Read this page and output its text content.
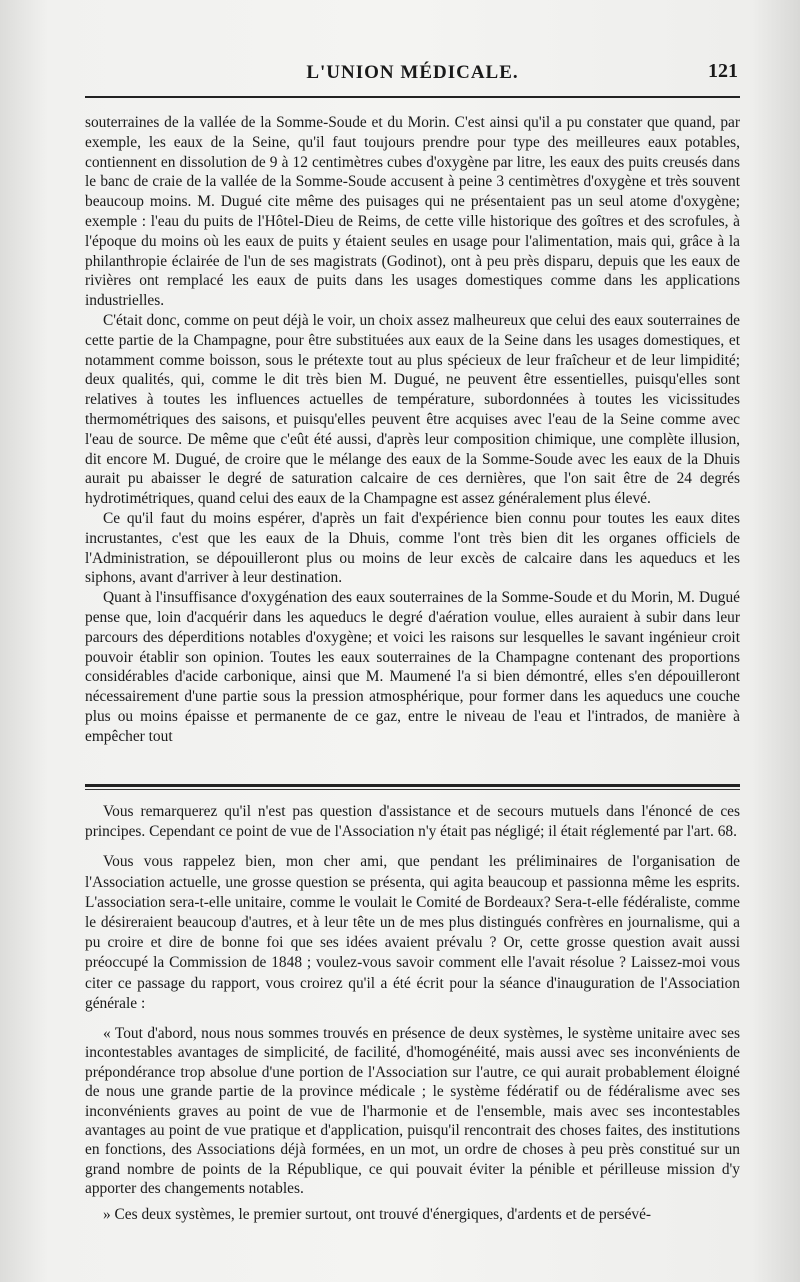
L'UNION MÉDICALE.	121

souterraines de la vallée de la Somme-Soude et du Morin. C'est ainsi qu'il a pu constater que quand, par exemple, les eaux de la Seine, qu'il faut toujours prendre pour type des meilleures eaux potables, contiennent en dissolution de 9 à 12 centimètres cubes d'oxygène par litre, les eaux des puits creusés dans le banc de craie de la vallée de la Somme-Soude accusent à peine 3 centimètres d'oxygène et très souvent beaucoup moins. M. Dugué cite même des puisages qui ne présentaient pas un seul atome d'oxygène; exemple : l'eau du puits de l'Hôtel-Dieu de Reims, de cette ville historique des goîtres et des scrofules, à l'époque du moins où les eaux de puits y étaient seules en usage pour l'alimentation, mais qui, grâce à la philanthropie éclairée de l'un de ses magistrats (Godinot), ont à peu près disparu, depuis que les eaux de rivières ont remplacé les eaux de puits dans les usages domestiques comme dans les applications industrielles.

C'était donc, comme on peut déjà le voir, un choix assez malheureux que celui des eaux souterraines de cette partie de la Champagne, pour être substituées aux eaux de la Seine dans les usages domestiques, et notamment comme boisson, sous le prétexte tout au plus spécieux de leur fraîcheur et de leur limpidité; deux qualités, qui, comme le dit très bien M. Dugué, ne peuvent être essentielles, puisqu'elles sont relatives à toutes les influences actuelles de température, subordonnées à toutes les vicissitudes thermométriques des saisons, et puisqu'elles peuvent être acquises avec l'eau de la Seine comme avec l'eau de source. De même que c'eût été aussi, d'après leur composition chimique, une complète illusion, dit encore M. Dugué, de croire que le mélange des eaux de la Somme-Soude avec les eaux de la Dhuis aurait pu abaisser le degré de saturation calcaire de ces dernières, que l'on sait être de 24 degrés hydrotimétriques, quand celui des eaux de la Champagne est assez généralement plus élevé.

Ce qu'il faut du moins espérer, d'après un fait d'expérience bien connu pour toutes les eaux dites incrustantes, c'est que les eaux de la Dhuis, comme l'ont très bien dit les organes officiels de l'Administration, se dépouilleront plus ou moins de leur excès de calcaire dans les aqueducs et les siphons, avant d'arriver à leur destination.

Quant à l'insuffisance d'oxygénation des eaux souterraines de la Somme-Soude et du Morin, M. Dugué pense que, loin d'acquérir dans les aqueducs le degré d'aération voulue, elles auraient à subir dans leur parcours des déperditions notables d'oxygène; et voici les raisons sur lesquelles le savant ingénieur croit pouvoir établir son opinion. Toutes les eaux souterraines de la Champagne contenant des proportions considérables d'acide carbonique, ainsi que M. Maumené l'a si bien démontré, elles s'en dépouilleront nécessairement d'une partie sous la pression atmosphérique, pour former dans les aqueducs une couche plus ou moins épaisse et permanente de ce gaz, entre le niveau de l'eau et l'intrados, de manière à empêcher tout

Vous remarquerez qu'il n'est pas question d'assistance et de secours mutuels dans l'énoncé de ces principes. Cependant ce point de vue de l'Association n'y était pas négligé; il était réglementé par l'art. 68.

Vous vous rappelez bien, mon cher ami, que pendant les préliminaires de l'organisation de l'Association actuelle, une grosse question se présenta, qui agita beaucoup et passionna même les esprits. L'association sera-t-elle unitaire, comme le voulait le Comité de Bordeaux? Sera-t-elle fédéraliste, comme le désireraient beaucoup d'autres, et à leur tête un de mes plus distingués confrères en journalisme, qui a pu croire et dire de bonne foi que ses idées avaient prévalu ? Or, cette grosse question avait aussi préoccupé la Commission de 1848 ; voulez-vous savoir comment elle l'avait résolue ? Laissez-moi vous citer ce passage du rapport, vous croirez qu'il a été écrit pour la séance d'inauguration de l'Association générale :

« Tout d'abord, nous nous sommes trouvés en présence de deux systèmes, le système unitaire avec ses incontestables avantages de simplicité, de facilité, d'homogénéité, mais aussi avec ses inconvénients de prépondérance trop absolue d'une portion de l'Association sur l'autre, ce qui aurait probablement éloigné de nous une grande partie de la province médicale ; le système fédératif ou de fédéralisme avec ses inconvénients graves au point de vue de l'harmonie et de l'ensemble, mais avec ses incontestables avantages au point de vue pratique et d'application, puisqu'il rencontrait des choses faites, des institutions en fonctions, des Associations déjà formées, en un mot, un ordre de choses à peu près constitué sur un grand nombre de points de la République, ce qui pouvait éviter la pénible et périlleuse mission d'y apporter des changements notables.

» Ces deux systèmes, le premier surtout, ont trouvé d'énergiques, d'ardents et de persévé-
